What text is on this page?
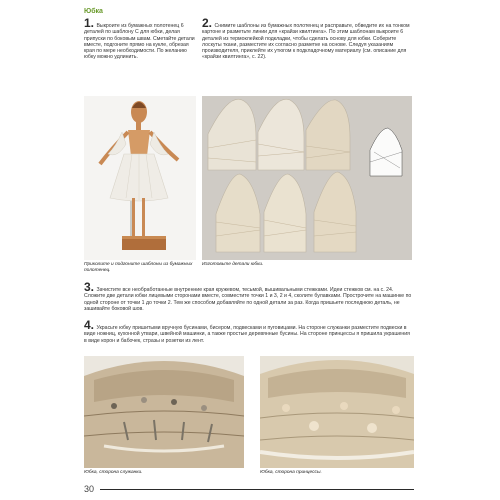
Юбка

1. Выкроите из бумажных полотенец 6 деталей по шаблону С для юбки, делая припуски по боковым швам. Сметайте детали вместе, подгоните прямо на кукле, обрезая края по мере необходимости. По желанию юбку можно удлинить.

2. Снимите шаблоны из бумажных полотенец и расправьте, обведите их на тонком картоне и разметьте линии для «крайзи квилтинга». По этим шаблонам выкроите 6 деталей из термоклейкой подкладки, чтобы сделать основу для юбки. Соберите лоскуты ткани, разместите их согласно разметке на основе. Следуя указаниям производителя, приклейте их утюгом к подкладочному материалу (см. описание для «крайзи квилтинга», с. 22).

Приколите и подгоните шаблоны из бумажных полотенец.

Изготовьте детали юбки.

3. Зачистите все необработанные внутренние края кружевом, тесьмой, вышивальными стежками. Идеи стежков см. на с. 24. Сложите две детали юбки лицевыми сторонами вместе, совместите точки 1 и 3, 2 и 4, сколите булавками. Прострочите на машинке по одной стороне от точки 1 до точки 2. Тем же способом добавляйте по одной детали за раз. Когда пришьете последнюю деталь, не зашивайте боковой шов.

4. Украсьте юбку пришитыми вручную бусинами, бисером, подвесками и пуговицами. На стороне служанки разместите подвески в виде ножниц, кухонной утвари, швейной машинки, а также простые деревянные бусины. На стороне принцессы я пришила украшения в виде корон и бабочек, стразы и розетки из лент.

Юбка, сторона служанки.	Юбка, сторона принцессы.

30
